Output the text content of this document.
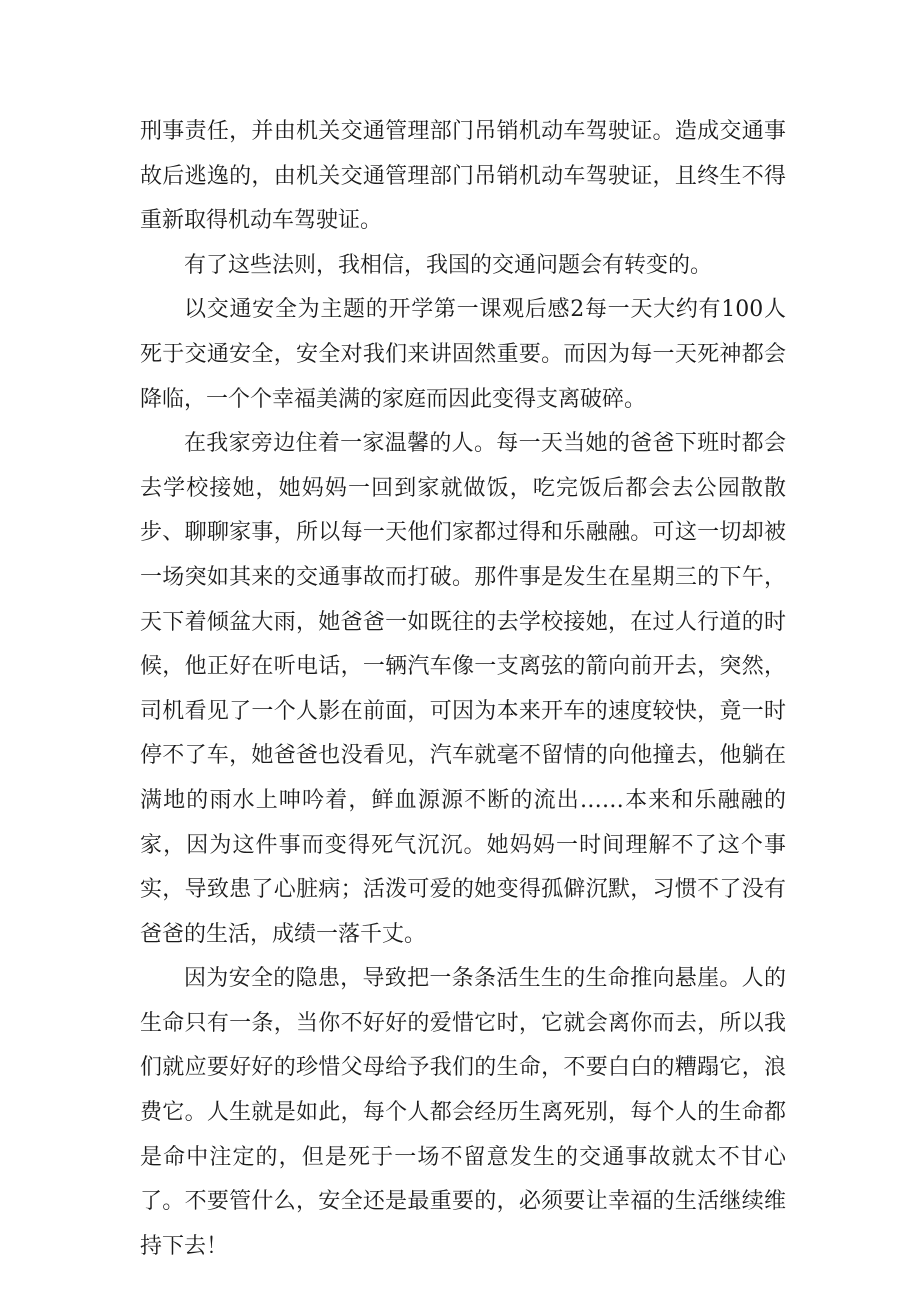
刑事责任，并由机关交通管理部门吊销机动车驾驶证。造成交通事故后逃逸的，由机关交通管理部门吊销机动车驾驶证，且终生不得重新取得机动车驾驶证。

有了这些法则，我相信，我国的交通问题会有转变的。

以交通安全为主题的开学第一课观后感2每一天大约有100人死于交通安全，安全对我们来讲固然重要。而因为每一天死神都会降临，一个个幸福美满的家庭而因此变得支离破碎。

在我家旁边住着一家温馨的人。每一天当她的爸爸下班时都会去学校接她，她妈妈一回到家就做饭，吃完饭后都会去公园散散步、聊聊家事，所以每一天他们家都过得和乐融融。可这一切却被一场突如其来的交通事故而打破。那件事是发生在星期三的下午，天下着倾盆大雨，她爸爸一如既往的去学校接她，在过人行道的时候，他正好在听电话，一辆汽车像一支离弦的箭向前开去，突然，司机看见了一个人影在前面，可因为本来开车的速度较快，竟一时停不了车，她爸爸也没看见，汽车就毫不留情的向他撞去，他躺在满地的雨水上呻吟着，鲜血源源不断的流出……本来和乐融融的家，因为这件事而变得死气沉沉。她妈妈一时间理解不了这个事实，导致患了心脏病；活泼可爱的她变得孤僻沉默，习惯不了没有爸爸的生活，成绩一落千丈。

因为安全的隐患，导致把一条条活生生的生命推向悬崖。人的生命只有一条，当你不好好的爱惜它时，它就会离你而去，所以我们就应要好好的珍惜父母给予我们的生命，不要白白的糟蹋它，浪费它。人生就是如此，每个人都会经历生离死别，每个人的生命都是命中注定的，但是死于一场不留意发生的交通事故就太不甘心了。不要管什么，安全还是最重要的，必须要让幸福的生活继续维持下去！
